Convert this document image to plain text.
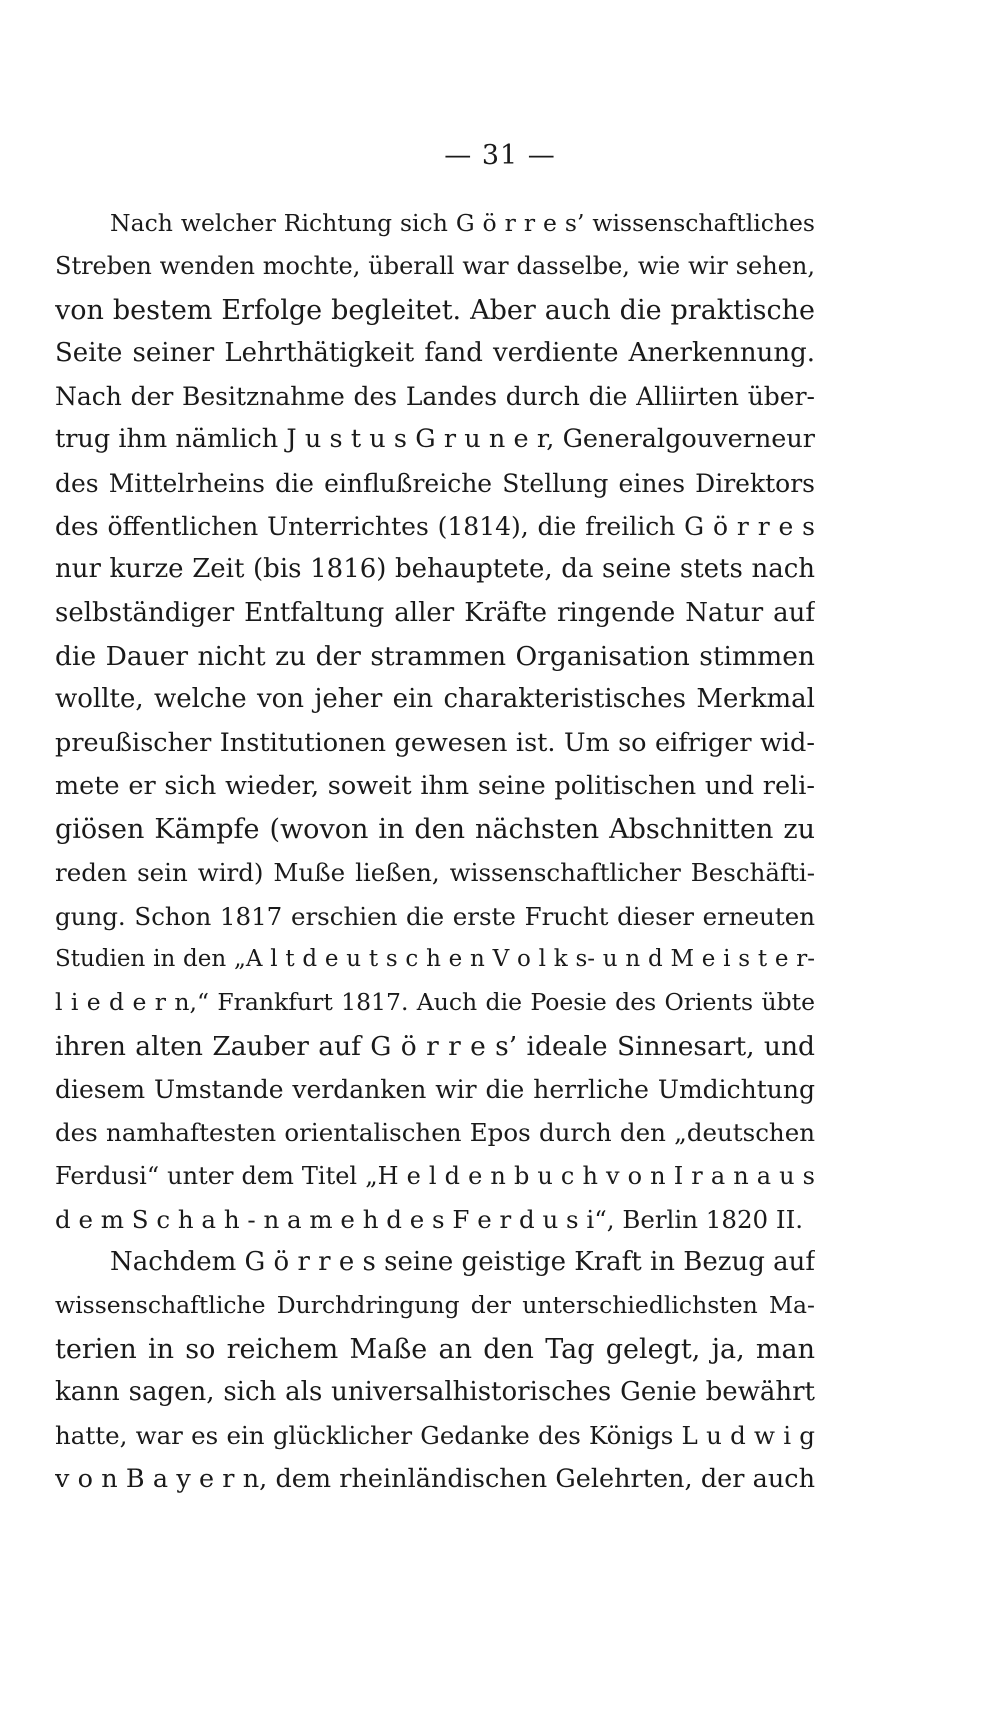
— 31 —
Nach welcher Richtung sich G ö r r e s’ wissenschaftliches
Streben wenden mochte, überall war dasselbe, wie wir sehen,
von bestem Erfolge begleitet. Aber auch die praktische
Seite seiner Lehrthätigkeit fand verdiente Anerkennung.
Nach der Besitznahme des Landes durch die Alliirten über-
trug ihm nämlich J u s t u s G r u n e r, Generalgouverneur
des Mittelrheins die einflußreiche Stellung eines Direktors
des öffentlichen Unterrichtes (1814), die freilich G ö r r e s
nur kurze Zeit (bis 1816) behauptete, da seine stets nach
selbständiger Entfaltung aller Kräfte ringende Natur auf
die Dauer nicht zu der strammen Organisation stimmen
wollte, welche von jeher ein charakteristisches Merkmal
preußischer Institutionen gewesen ist. Um so eifriger wid-
mete er sich wieder, soweit ihm seine politischen und reli-
giösen Kämpfe (wovon in den nächsten Abschnitten zu
reden sein wird) Muße ließen, wissenschaftlicher Beschäfti-
gung. Schon 1817 erschien die erste Frucht dieser erneuten
Studien in den „A l t d e u t s c h e n V o l k s- u n d M e i s t e r-
l i e d e r n,“ Frankfurt 1817. Auch die Poesie des Orients übte
ihren alten Zauber auf G ö r r e s’ ideale Sinnesart, und
diesem Umstande verdanken wir die herrliche Umdichtung
des namhaftesten orientalischen Epos durch den „deutschen
Ferdusi“ unter dem Titel „H e l d e n b u c h v o n I r a n a u s
d e m S c h a h - n a m e h d e s F e r d u s i“, Berlin 1820 II.
Nachdem G ö r r e s seine geistige Kraft in Bezug auf
wissenschaftliche Durchdringung der unterschiedlichsten Ma-
terien in so reichem Maße an den Tag gelegt, ja, man
kann sagen, sich als universalhistorisches Genie bewährt
hatte, war es ein glücklicher Gedanke des Königs L u d w i g
v o n B a y e r n, dem rheinländischen Gelehrten, der auch
